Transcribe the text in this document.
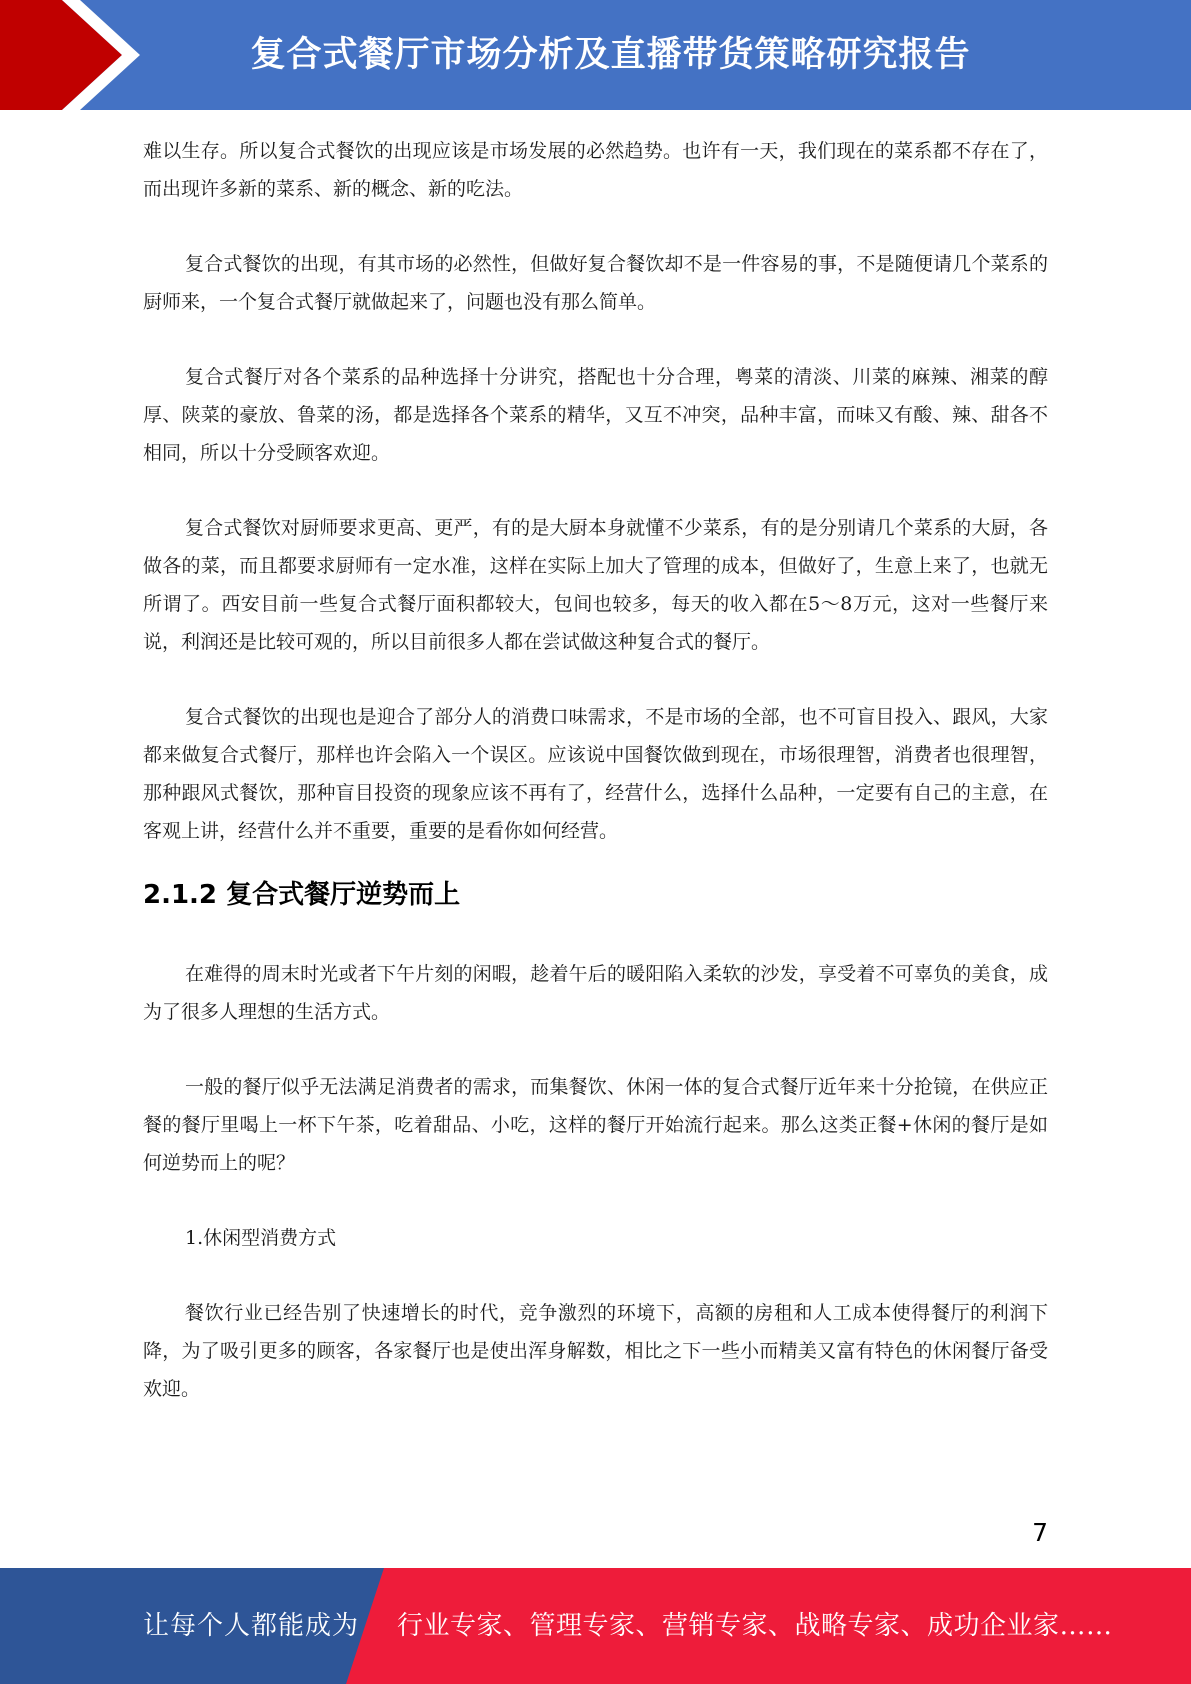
复合式餐厅市场分析及直播带货策略研究报告

难以生存。所以复合式餐饮的出现应该是市场发展的必然趋势。也许有一天，我们现在的菜系都不存在了，而出现许多新的菜系、新的概念、新的吃法。

复合式餐饮的出现，有其市场的必然性，但做好复合餐饮却不是一件容易的事，不是随便请几个菜系的厨师来，一个复合式餐厅就做起来了，问题也没有那么简单。

复合式餐厅对各个菜系的品种选择十分讲究，搭配也十分合理，粤菜的清淡、川菜的麻辣、湘菜的醇厚、陕菜的豪放、鲁菜的汤，都是选择各个菜系的精华，又互不冲突，品种丰富，而味又有酸、辣、甜各不相同，所以十分受顾客欢迎。

复合式餐饮对厨师要求更高、更严，有的是大厨本身就懂不少菜系，有的是分别请几个菜系的大厨，各做各的菜，而且都要求厨师有一定水准，这样在实际上加大了管理的成本，但做好了，生意上来了，也就无所谓了。西安目前一些复合式餐厅面积都较大，包间也较多，每天的收入都在5～8万元，这对一些餐厅来说，利润还是比较可观的，所以目前很多人都在尝试做这种复合式的餐厅。

复合式餐饮的出现也是迎合了部分人的消费口味需求，不是市场的全部，也不可盲目投入、跟风，大家都来做复合式餐厅，那样也许会陷入一个误区。应该说中国餐饮做到现在，市场很理智，消费者也很理智，那种跟风式餐饮，那种盲目投资的现象应该不再有了，经营什么，选择什么品种，一定要有自己的主意，在客观上讲，经营什么并不重要，重要的是看你如何经营。

2.1.2 复合式餐厅逆势而上

在难得的周末时光或者下午片刻的闲暇，趁着午后的暖阳陷入柔软的沙发，享受着不可辜负的美食，成为了很多人理想的生活方式。

一般的餐厅似乎无法满足消费者的需求，而集餐饮、休闲一体的复合式餐厅近年来十分抢镜，在供应正餐的餐厅里喝上一杯下午茶，吃着甜品、小吃，这样的餐厅开始流行起来。那么这类正餐+休闲的餐厅是如何逆势而上的呢？

1.休闲型消费方式

餐饮行业已经告别了快速增长的时代，竞争激烈的环境下，高额的房租和人工成本使得餐厅的利润下降，为了吸引更多的顾客，各家餐厅也是使出浑身解数，相比之下一些小而精美又富有特色的休闲餐厅备受欢迎。

7
让每个人都能成为 行业专家、管理专家、营销专家、战略专家、成功企业家……
